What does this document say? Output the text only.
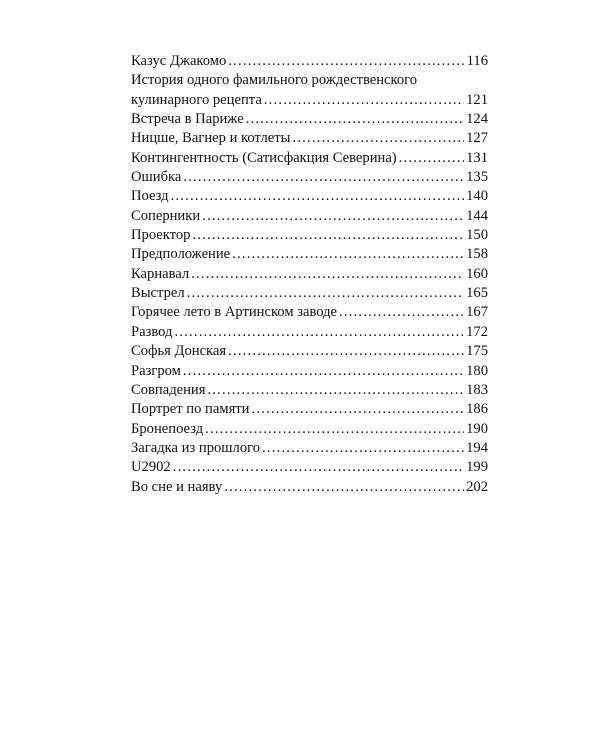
Казус Джакомо .....	116
История одного фамильного рождественского
кулинарного рецепта .....	121
Встреча в Париже .....	124
Ницше, Вагнер и котлеты .....	127
Контингентность (Сатисфакция Северина) .....	131
Ошибка .....	135
Поезд .....	140
Соперники .....	144
Проектор .....	150
Предположение .....	158
Карнавал .....	160
Выстрел .....	165
Горячее лето в Артинском заводе .....	167
Развод .....	172
Софья Донская .....	175
Разгром .....	180
Совпадения .....	183
Портрет по памяти .....	186
Бронепоезд .....	190
Загадка из прошлого .....	194
U2902 .....	199
Во сне и наяву .....	202
